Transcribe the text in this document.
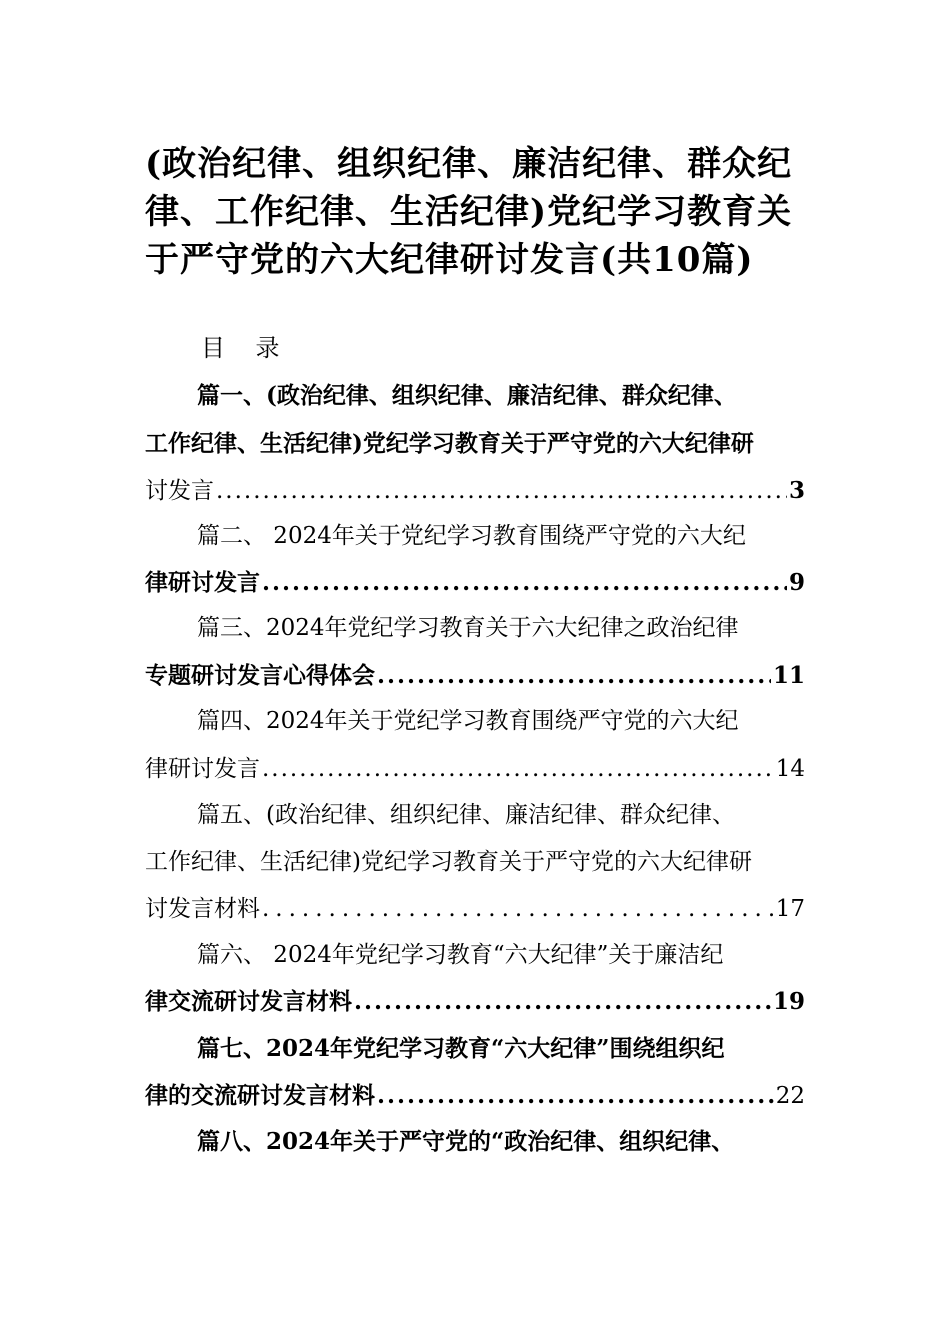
(政治纪律、组织纪律、廉洁纪律、群众纪
律、工作纪律、生活纪律)党纪学习教育关
于严守党的六大纪律研讨发言(共10篇)
目    录
篇一、(政治纪律、组织纪律、廉洁纪律、群众纪律、
工作纪律、生活纪律)党纪学习教育关于严守党的六大纪律研
讨发言 .....	3
篇二、 2024年关于党纪学习教育围绕严守党的六大纪
律研讨发言 .....	9
篇三、2024年党纪学习教育关于六大纪律之政治纪律
专题研讨发言心得体会 .....	11
篇四、2024年关于党纪学习教育围绕严守党的六大纪
律研讨发言 .....	14
篇五、(政治纪律、组织纪律、廉洁纪律、群众纪律、
工作纪律、生活纪律)党纪学习教育关于严守党的六大纪律研
讨发言材料 .....	17
篇六、 2024年党纪学习教育“六大纪律”关于廉洁纪
律交流研讨发言材料 .....	19
篇七、2024年党纪学习教育“六大纪律”围绕组织纪
律的交流研讨发言材料 .....	22
篇八、2024年关于严守党的“政治纪律、组织纪律、
